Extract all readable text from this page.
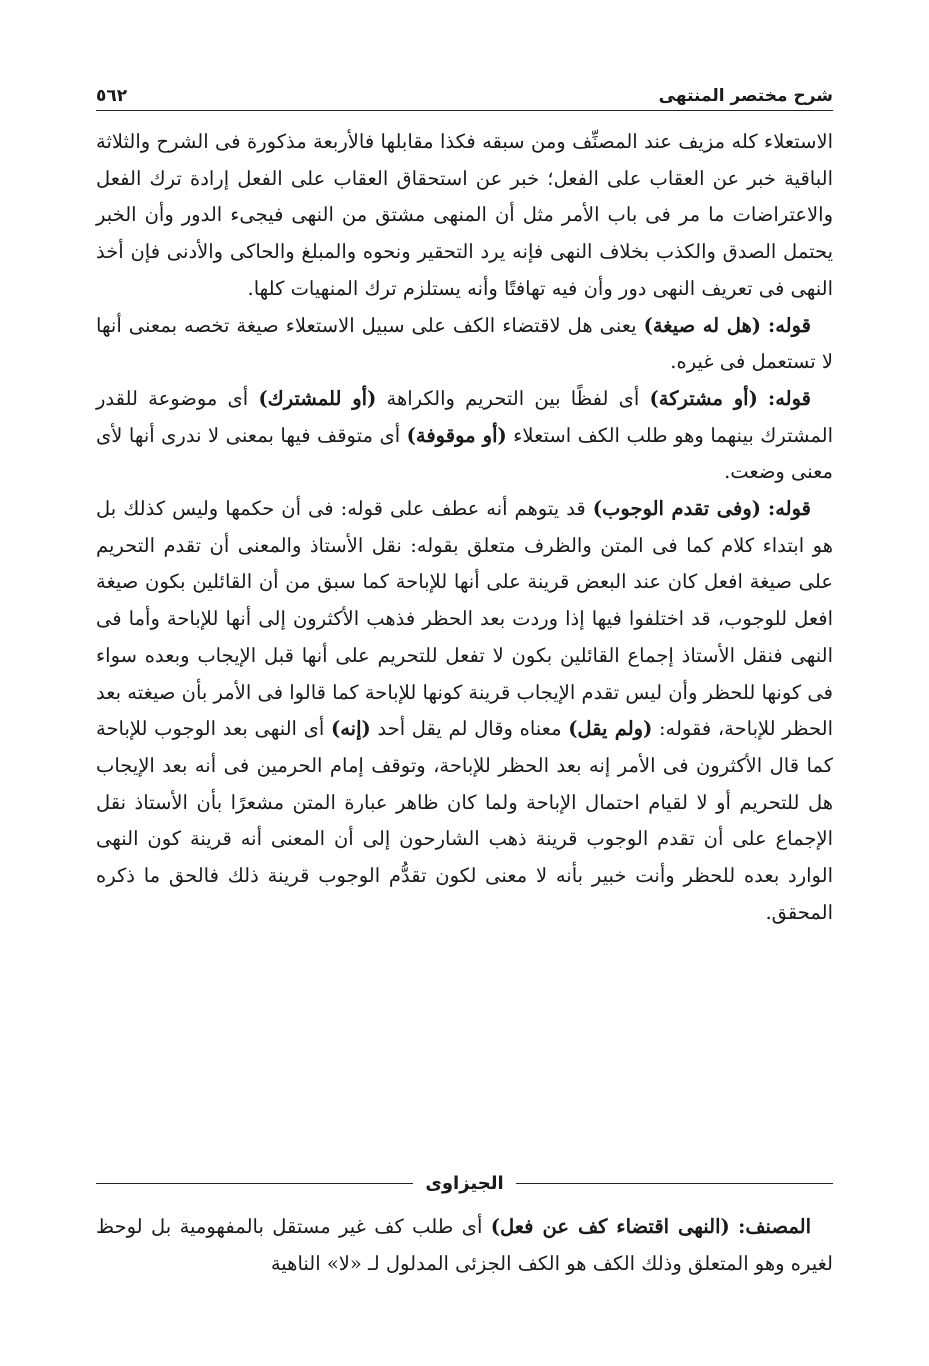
٥٦٢	شرح مختصر المنتهى

الاستعلاء كله مزيف عند المصنِّف ومن سبقه فكذا مقابلها فالأربعة مذكورة فى الشرح والثلاثة الباقية خبر عن العقاب على الفعل؛ خبر عن استحقاق العقاب على الفعل إرادة ترك الفعل والاعتراضات ما مر فى باب الأمر مثل أن المنهى مشتق من النهى فيجىء الدور وأن الخبر يحتمل الصدق والكذب بخلاف النهى فإنه يرد التحقير ونحوه والمبلغ والحاكى والأدنى فإن أخذ النهى فى تعريف النهى دور وأن فيه تهافتًا وأنه يستلزم ترك المنهيات كلها.

قوله: (هل له صيغة) يعنى هل لاقتضاء الكف على سبيل الاستعلاء صيغة تخصه بمعنى أنها لا تستعمل فى غيره.

قوله: (أو مشتركة) أى لفظًا بين التحريم والكراهة (أو للمشترك) أى موضوعة للقدر المشترك بينهما وهو طلب الكف استعلاء (أو موقوفة) أى متوقف فيها بمعنى لا ندرى أنها لأى معنى وضعت.

قوله: (وفى تقدم الوجوب) قد يتوهم أنه عطف على قوله: فى أن حكمها وليس كذلك بل هو ابتداء كلام كما فى المتن والظرف متعلق بقوله: نقل الأستاذ والمعنى أن تقدم التحريم على صيغة افعل كان عند البعض قرينة على أنها للإباحة كما سبق من أن القائلين بكون صيغة افعل للوجوب، قد اختلفوا فيها إذا وردت بعد الحظر فذهب الأكثرون إلى أنها للإباحة وأما فى النهى فنقل الأستاذ إجماع القائلين بكون لا تفعل للتحريم على أنها قبل الإيجاب وبعده سواء فى كونها للحظر وأن ليس تقدم الإيجاب قرينة كونها للإباحة كما قالوا فى الأمر بأن صيغته بعد الحظر للإباحة، فقوله: (ولم يقل) معناه وقال لم يقل أحد (إنه) أى النهى بعد الوجوب للإباحة كما قال الأكثرون فى الأمر إنه بعد الحظر للإباحة، وتوقف إمام الحرمين فى أنه بعد الإيجاب هل للتحريم أو لا لقيام احتمال الإباحة ولما كان ظاهر عبارة المتن مشعرًا بأن الأستاذ نقل الإجماع على أن تقدم الوجوب قرينة ذهب الشارحون إلى أن المعنى أنه قرينة كون النهى الوارد بعده للحظر وأنت خبير بأنه لا معنى لكون تقدُّم الوجوب قرينة ذلك فالحق ما ذكره المحقق.

الجيزاوى

المصنف: (النهى اقتضاء كف عن فعل) أى طلب كف غير مستقل بالمفهومية بل لوحظ لغيره وهو المتعلق وذلك الكف هو الكف الجزئى المدلول لـ «لا» الناهية
